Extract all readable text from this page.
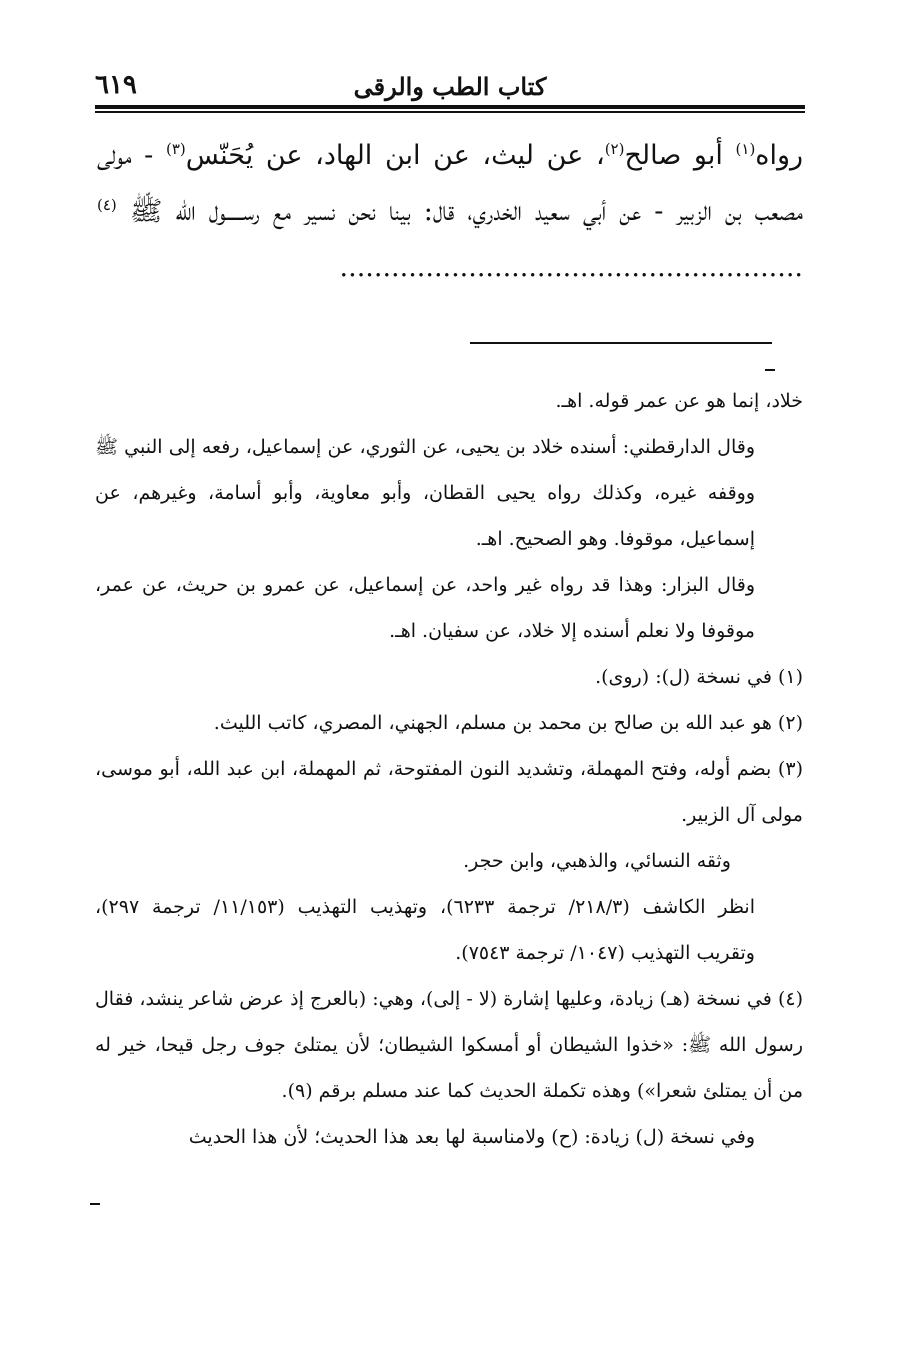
كتاب الطب والرقى
٦١٩

رواه$^{(١)}$ أبو صالح$^{(٢)}$، عن ليث، عن ابن الهاد، عن يُحَنّس$^{(٣)}$ - مولى مصعب بن الزبير - عن أبي سعيد الخدري، قال: بينا نحن نسير مع رســـــول الله ﷺ $^{(٤)}$ ......................................................

خلاد، إنما هو عن عمر قوله. اهـ.

وقال الدارقطني: أسنده خلاد بن يحيى، عن الثوري، عن إسماعيل، رفعه إلى النبي ﷺ ووقفه غيره، وكذلك رواه يحيى القطان، وأبو معاوية، وأبو أسامة، وغيرهم، عن إسماعيل، موقوفا. وهو الصحيح. اهـ.

وقال البزار: وهذا قد رواه غير واحد، عن إسماعيل، عن عمرو بن حريث، عن عمر، موقوفا ولا نعلم أسنده إلا خلاد، عن سفيان. اهـ.

(١) في نسخة (ل): (روى).

(٢) هو عبد الله بن صالح بن محمد بن مسلم، الجهني، المصري، كاتب الليث.

(٣) بضم أوله، وفتح المهملة، وتشديد النون المفتوحة، ثم المهملة، ابن عبد الله، أبو موسى، مولى آل الزبير.

وثقه النسائي، والذهبي، وابن حجر.

انظر الكاشف (٢١٨/٣/ ترجمة ٦٢٣٣)، وتهذيب التهذيب (١١/١٥٣/ ترجمة ٢٩٧)، وتقريب التهذيب (١٠٤٧/ ترجمة ٧٥٤٣).

(٤) في نسخة (هـ) زيادة، وعليها إشارة (لا - إلى)، وهي: (بالعرج إذ عرض شاعر ينشد، فقال رسول الله ﷺ: «خذوا الشيطان أو أمسكوا الشيطان؛ لأن يمتلئ جوف رجل قيحا، خير له من أن يمتلئ شعرا») وهذه تكملة الحديث كما عند مسلم برقم (٩).

وفي نسخة (ل) زيادة: (ح) ولامناسبة لها بعد هذا الحديث؛ لأن هذا الحديث
